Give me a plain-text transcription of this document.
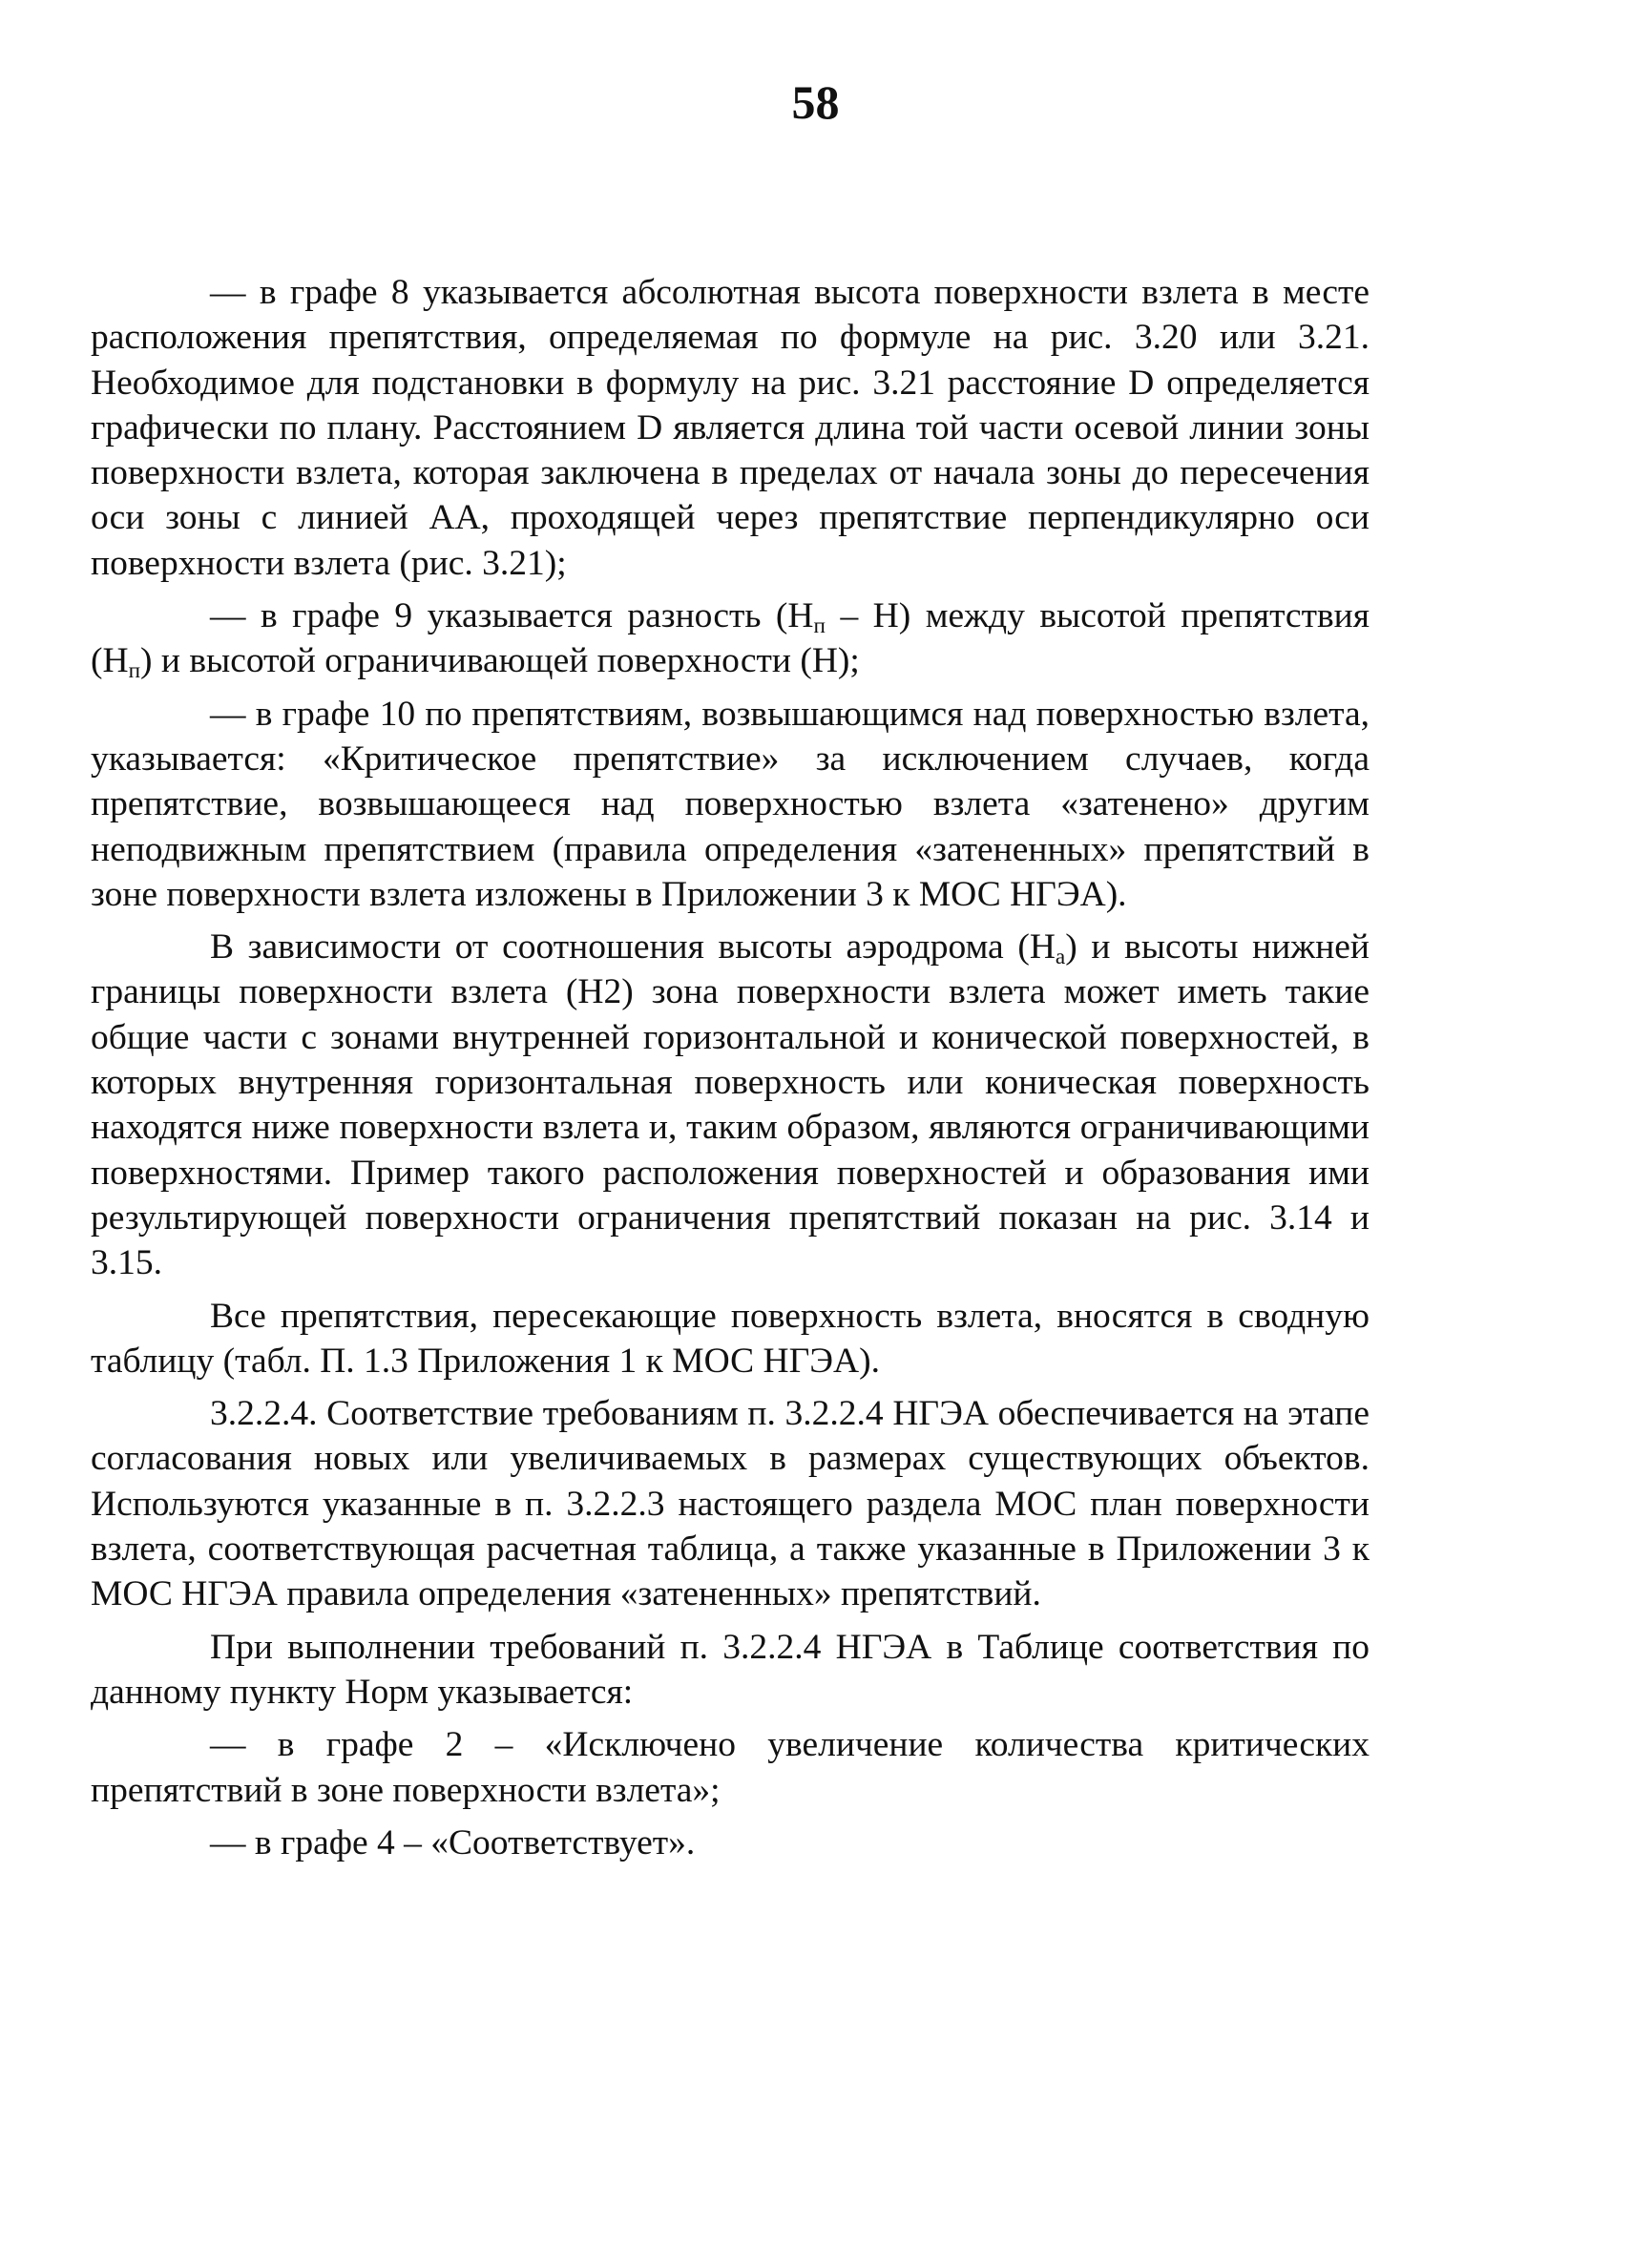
58

— в графе 8 указывается абсолютная высота поверхности взлета в месте расположения препятствия, определяемая по формуле на рис. 3.20 или 3.21. Необходимое для подстановки в формулу на рис. 3.21 расстояние D определяется графически по плану. Расстоянием D является длина той части осевой линии зоны поверхности взлета, которая заключена в пределах от начала зоны до пересечения оси зоны с линией АА, проходящей через препятствие перпендикулярно оси поверхности взлета (рис. 3.21);

— в графе 9 указывается разность $(H_п - H)$ между высотой препятствия $(H_п)$ и высотой ограничивающей поверхности (H);

— в графе 10 по препятствиям, возвышающимся над поверхностью взлета, указывается: «Критическое препятствие» за исключением случаев, когда препятствие, возвышающееся над поверхностью взлета «затенено» другим неподвижным препятствием (правила определения «затененных» препятствий в зоне поверхности взлета изложены в Приложении 3 к МОС НГЭА).

В зависимости от соотношения высоты аэродрома $(H_а)$ и высоты нижней границы поверхности взлета (H2) зона поверхности взлета может иметь такие общие части с зонами внутренней горизонтальной и конической поверхностей, в которых внутренняя горизонтальная поверхность или коническая поверхность находятся ниже поверхности взлета и, таким образом, являются ограничивающими поверхностями. Пример такого расположения поверхностей и образования ими результирующей поверхности ограничения препятствий показан на рис. 3.14 и 3.15.

Все препятствия, пересекающие поверхность взлета, вносятся в сводную таблицу (табл. П. 1.3 Приложения 1 к МОС НГЭА).

3.2.2.4. Соответствие требованиям п. 3.2.2.4 НГЭА обеспечивается на этапе согласования новых или увеличиваемых в размерах существующих объектов. Используются указанные в п. 3.2.2.3 настоящего раздела МОС план поверхности взлета, соответствующая расчетная таблица, а также указанные в Приложении 3 к МОС НГЭА правила определения «затененных» препятствий.

При выполнении требований п. 3.2.2.4 НГЭА в Таблице соответствия по данному пункту Норм указывается:

— в графе 2 – «Исключено увеличение количества критических препятствий в зоне поверхности взлета»;

— в графе 4 – «Соответствует».
